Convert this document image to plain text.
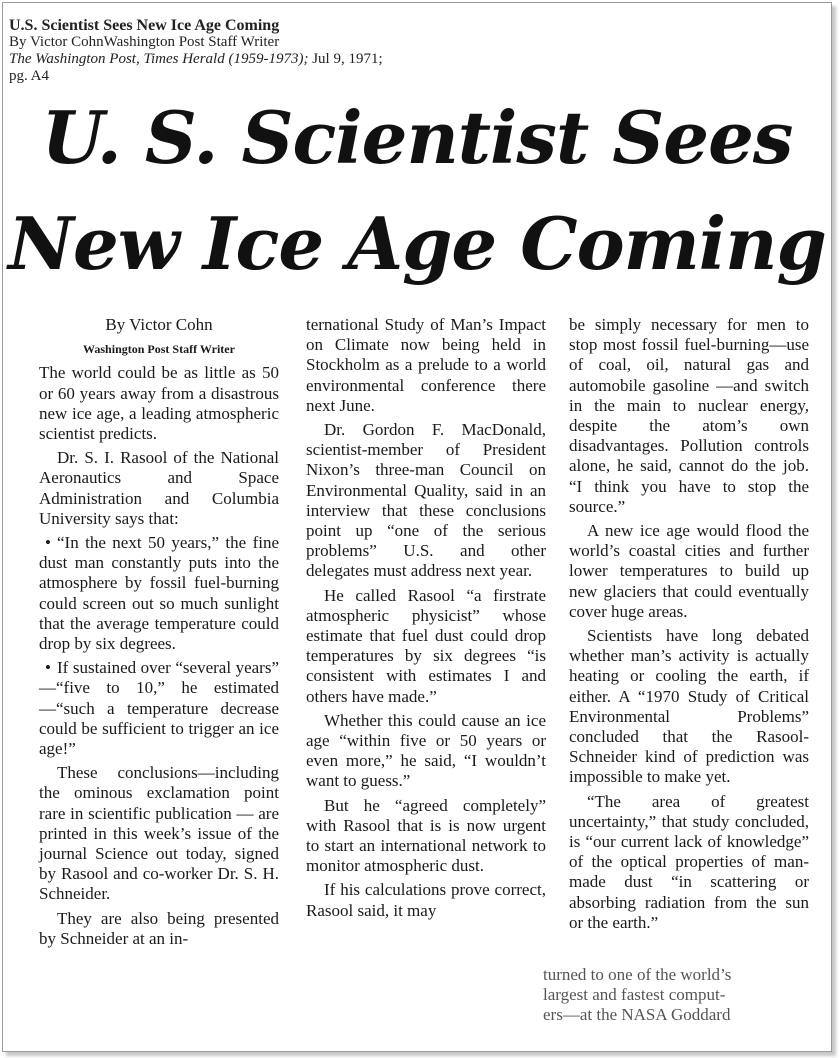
U.S. Scientist Sees New Ice Age Coming
By Victor CohnWashington Post Staff Writer
The Washington Post, Times Herald (1959-1973); Jul 9, 1971;
pg. A4
U. S. Scientist Sees
New Ice Age Coming

By Victor Cohn

Washington Post Staff Writer

The world could be as little as 50 or 60 years away from a disastrous new ice age, a leading atmospheric scientist predicts.

Dr. S. I. Rasool of the National Aeronautics and Space Administration and Columbia University says that:

• “In the next 50 years,” the fine dust man constantly puts into the atmosphere by fossil fuel-burning could screen out so much sunlight that the average temperature could drop by six degrees.

• If sustained over “several years” —“five to 10,” he estimated—“such a temperature decrease could be sufficient to trigger an ice age!”

These conclusions—including the ominous exclamation point rare in scientific publication — are printed in this week’s issue of the journal Science out today, signed by Rasool and co-worker Dr. S. H. Schneider.

They are also being presented by Schneider at an in-

ternational Study of Man’s Impact on Climate now being held in Stockholm as a prelude to a world environmental conference there next June.

Dr. Gordon F. MacDonald, scientist-member of President Nixon’s three-man Council on Environmental Quality, said in an interview that these conclusions point up “one of the serious problems” U.S. and other delegates must address next year.

He called Rasool “a firstrate atmospheric physicist” whose estimate that fuel dust could drop temperatures by six degrees “is consistent with estimates I and others have made.”

Whether this could cause an ice age “within five or 50 years or even more,” he said, “I wouldn’t want to guess.”

But he “agreed completely” with Rasool that is is now urgent to start an international network to monitor atmospheric dust.

If his calculations prove correct, Rasool said, it may

be simply necessary for men to stop most fossil fuel-burning—use of coal, oil, natural gas and automobile gasoline —and switch in the main to nuclear energy, despite the atom’s own disadvantages. Pollution controls alone, he said, cannot do the job. “I think you have to stop the source.”

A new ice age would flood the world’s coastal cities and further lower temperatures to build up new glaciers that could eventually cover huge areas.

Scientists have long debated whether man’s activity is actually heating or cooling the earth, if either. A “1970 Study of Critical Environmental Problems” concluded that the Rasool-Schneider kind of prediction was impossible to make yet.

“The area of greatest uncertainty,” that study concluded, is “our current lack of knowledge” of the optical properties of man-made dust “in scattering or absorbing radiation from the sun or the earth.”

turned to one of the world’s
largest and fastest comput-
ers—at the NASA Goddard
